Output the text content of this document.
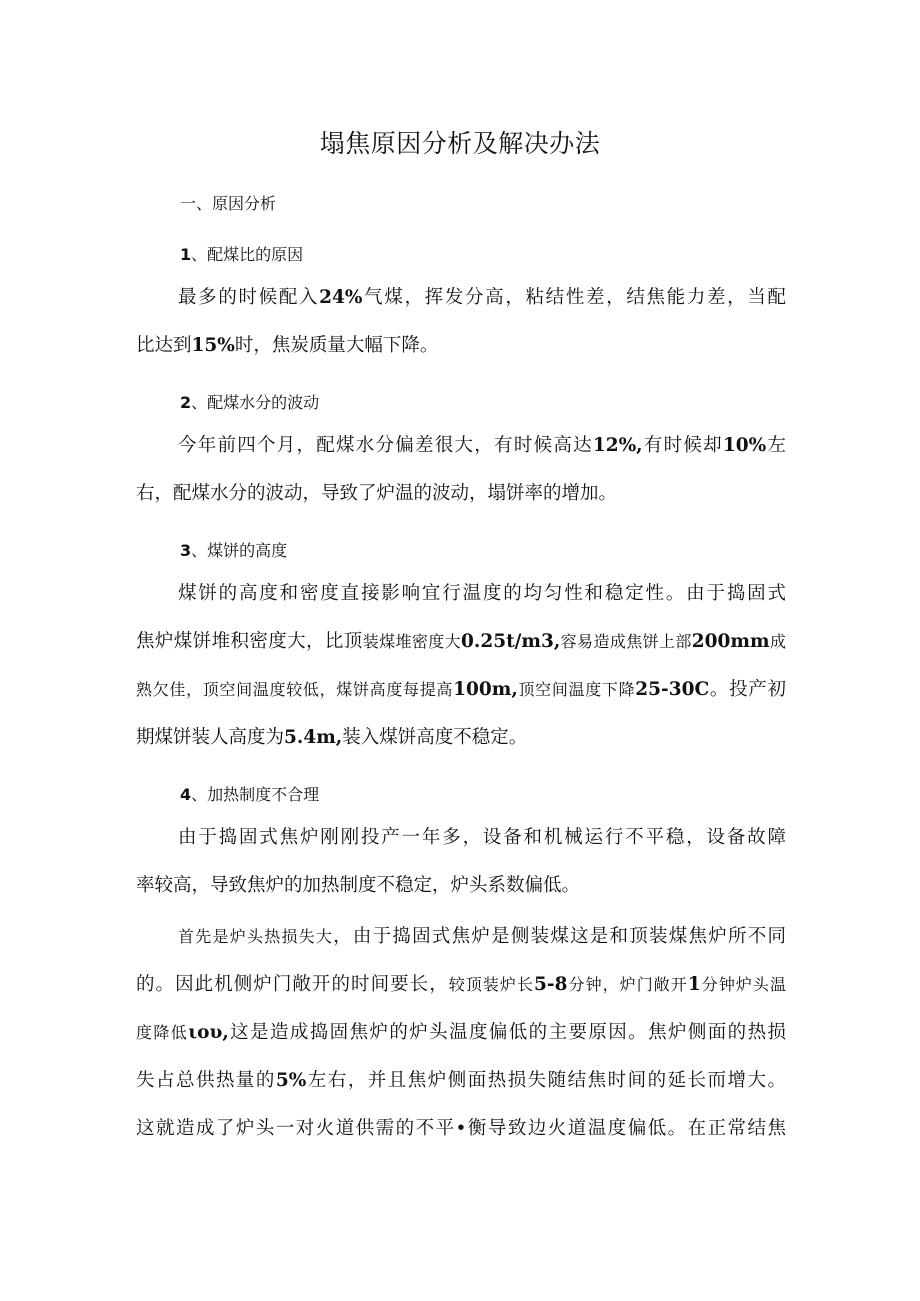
塌焦原因分析及解决办法

一、原因分析

1、配煤比的原因

最多的时候配入24%气煤，挥发分高，粘结性差，结焦能力差，当配

比达到15%时，焦炭质量大幅下降。

2、配煤水分的波动

今年前四个月，配煤水分偏差很大，有时候高达12%,有时候却10%左

右，配煤水分的波动，导致了炉温的波动，塌饼率的增加。

3、煤饼的高度

煤饼的高度和密度直接影响宜行温度的均匀性和稳定性。由于捣固式

焦炉煤饼堆积密度大，比顶装煤堆密度大0.25t/m3,容易造成焦饼上部200mm成

熟欠佳，顶空间温度较低，煤饼高度每提高100m,顶空间温度下降25-30C。投产初

期煤饼装人高度为5.4m,装入煤饼高度不稳定。

4、加热制度不合理

由于捣固式焦炉刚刚投产一年多，设备和机械运行不平稳，设备故障

率较高，导致焦炉的加热制度不稳定，炉头系数偏低。

首先是炉头热损失大，由于捣固式焦炉是侧装煤这是和顶装煤焦炉所不同

的。因此机侧炉门敞开的时间要长，较顶装炉长5-8分钟，炉门敞开1分钟炉头温

度降低ιου,这是造成捣固焦炉的炉头温度偏低的主要原因。焦炉侧面的热损

失占总供热量的5%左右，并且焦炉侧面热损失随结焦时间的延长而增大。

这就造成了炉头一对火道供需的不平•衡导致边火道温度偏低。在正常结焦
